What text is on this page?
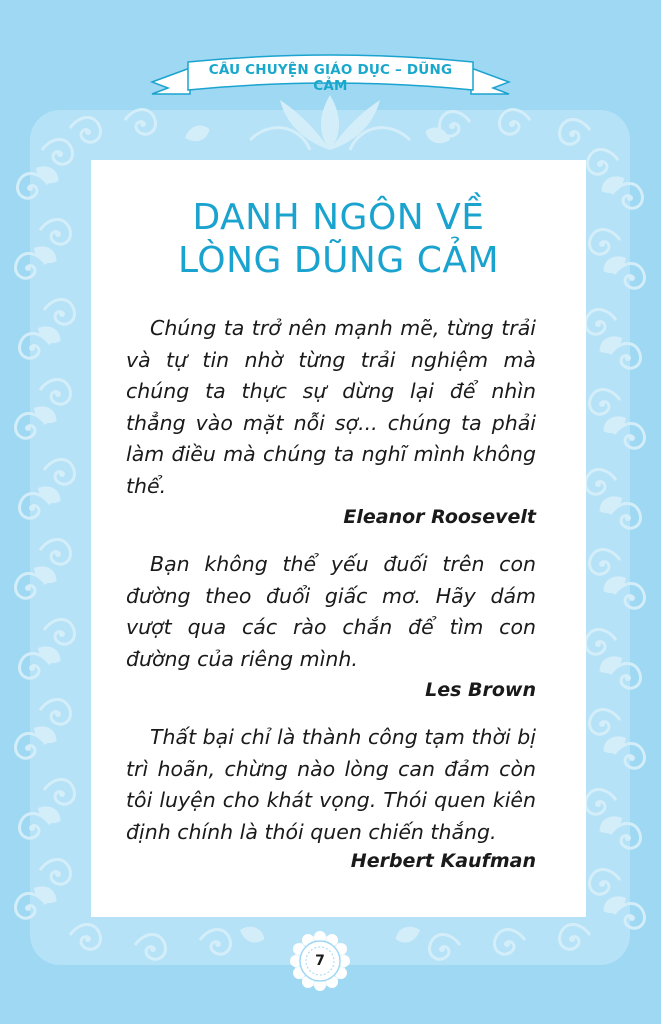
CÂU CHUYỆN GIÁO DỤC – DŨNG CẢM
DANH NGÔN VỀ
LÒNG DŨNG CẢM
Chúng ta trở nên mạnh mẽ, từng trải và tự tin nhờ từng trải nghiệm mà chúng ta thực sự dừng lại để nhìn thẳng vào mặt nỗi sợ... chúng ta phải làm điều mà chúng ta nghĩ mình không thể.
Eleanor Roosevelt
Bạn không thể yếu đuối trên con đường theo đuổi giấc mơ. Hãy dám vượt qua các rào chắn để tìm con đường của riêng mình.
Les Brown
Thất bại chỉ là thành công tạm thời bị trì hoãn, chừng nào lòng can đảm còn tôi luyện cho khát vọng. Thói quen kiên định chính là thói quen chiến thắng.
Herbert Kaufman
7
